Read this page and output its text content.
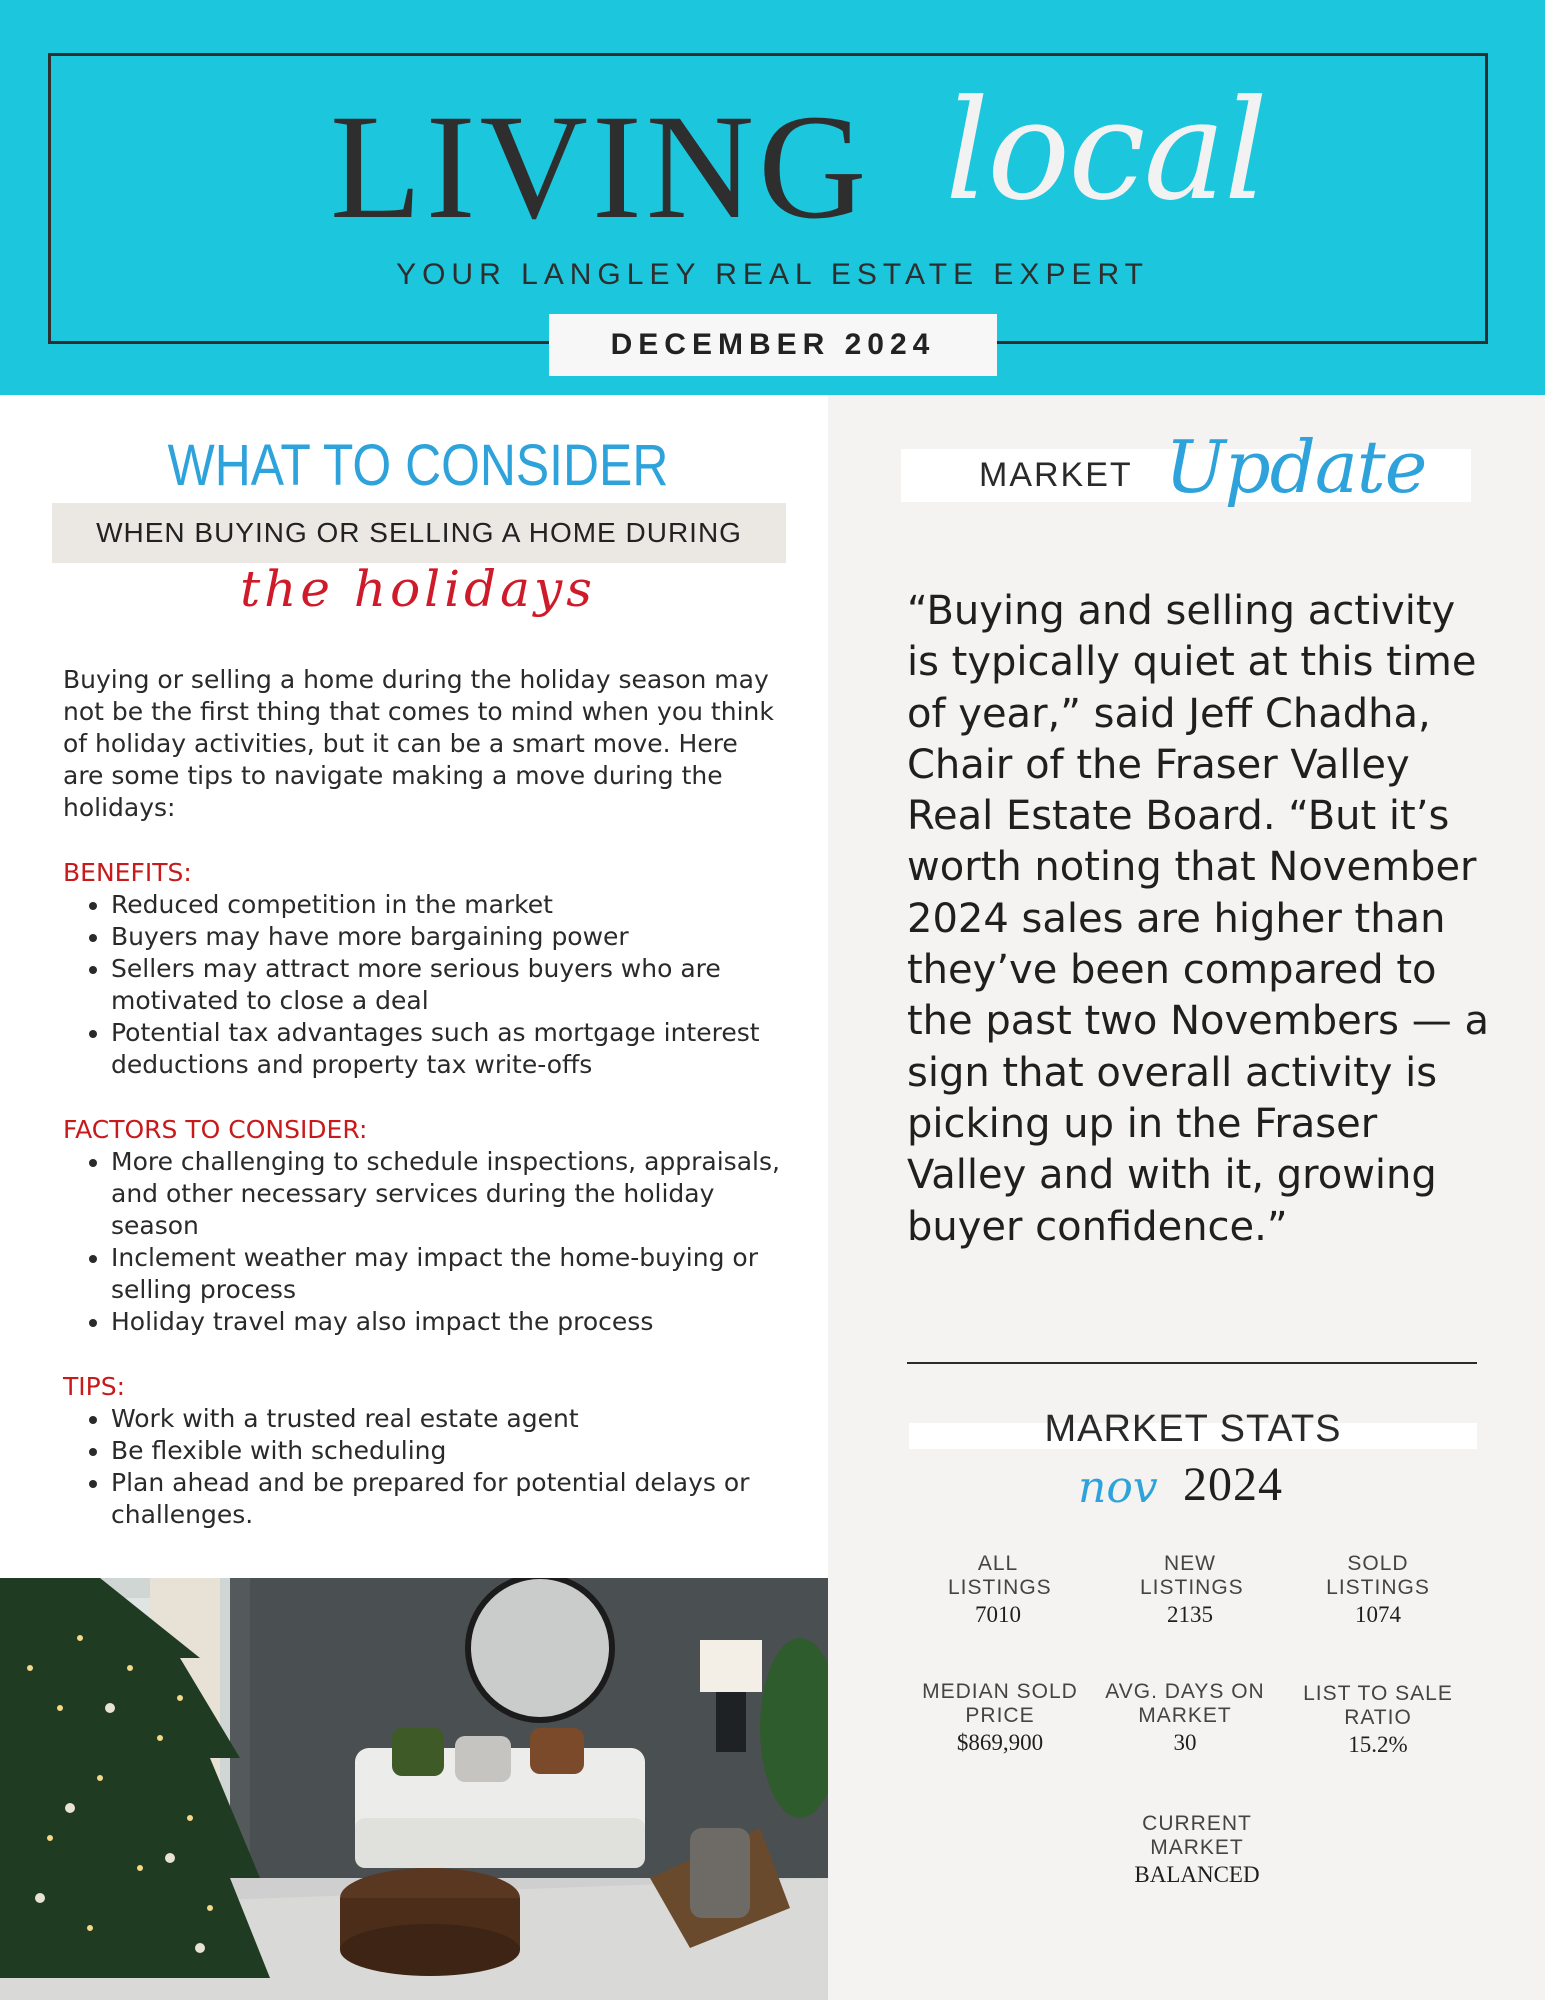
LIVING local
YOUR LANGLEY REAL ESTATE EXPERT
DECEMBER 2024
WHAT TO CONSIDER
WHEN BUYING OR SELLING A HOME DURING
the holidays
Buying or selling a home during the holiday season may not be the first thing that comes to mind when you think of holiday activities, but it can be a smart move. Here are some tips to navigate making a move during the holidays:
BENEFITS:
• Reduced competition in the market
• Buyers may have more bargaining power
• Sellers may attract more serious buyers who are motivated to close a deal
• Potential tax advantages such as mortgage interest deductions and property tax write-offs
FACTORS TO CONSIDER:
• More challenging to schedule inspections, appraisals, and other necessary services during the holiday season
• Inclement weather may impact the home-buying or selling process
• Holiday travel may also impact the process
TIPS:
• Work with a trusted real estate agent
• Be flexible with scheduling
• Plan ahead and be prepared for potential delays or challenges.
MARKET Update
“Buying and selling activity is typically quiet at this time of year,” said Jeff Chadha, Chair of the Fraser Valley Real Estate Board. “But it’s worth noting that November 2024 sales are higher than they’ve been compared to the past two Novembers — a sign that overall activity is picking up in the Fraser Valley and with it, growing buyer confidence.”
MARKET STATS
nov 2024
ALL LISTINGS
7010
NEW LISTINGS
2135
SOLD LISTINGS
1074
MEDIAN SOLD PRICE
$869,900
AVG. DAYS ON MARKET
30
LIST TO SALE RATIO
15.2%
CURRENT MARKET
BALANCED
